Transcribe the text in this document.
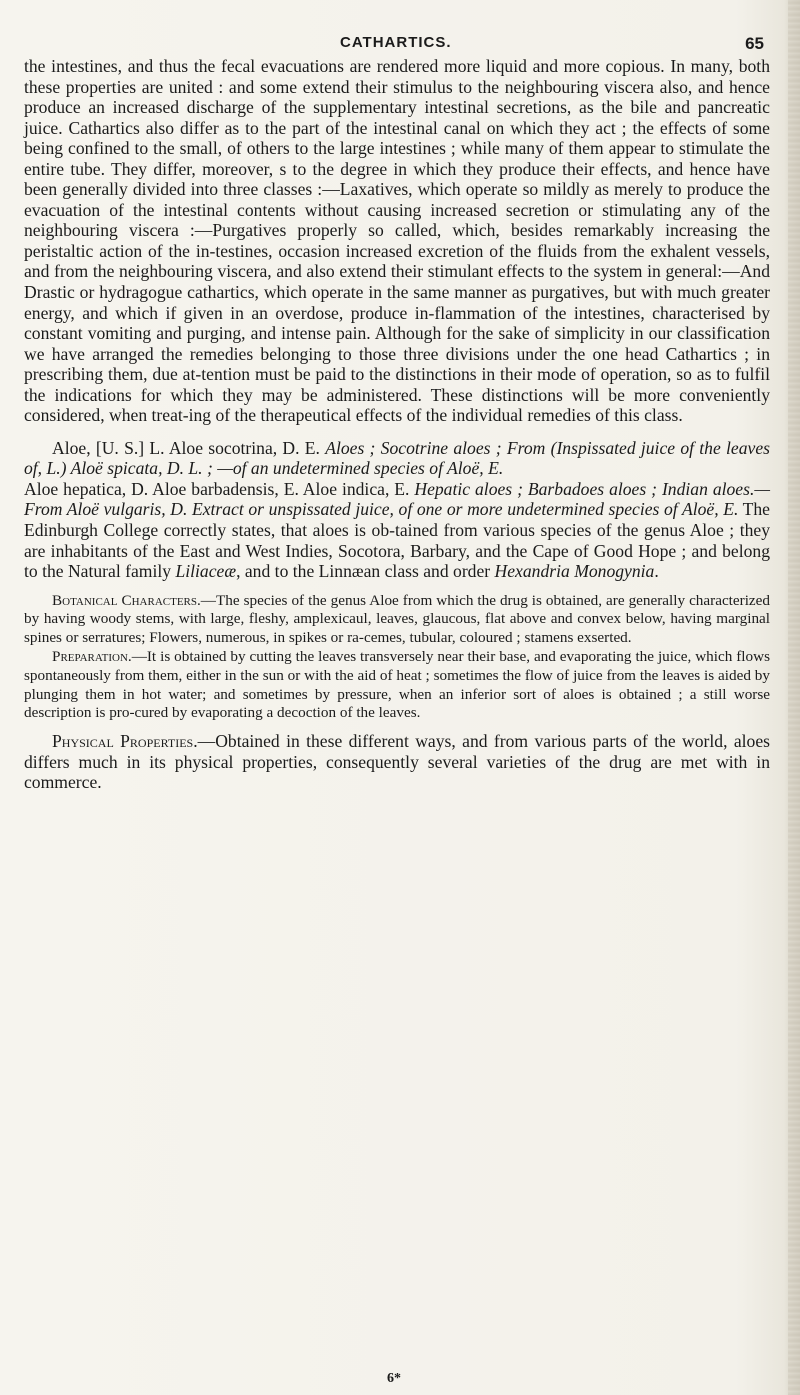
CATHARTICS.	65

the intestines, and thus the fecal evacuations are rendered more liquid and more copious. In many, both these properties are united : and some extend their stimulus to the neighbouring viscera also, and hence produce an increased discharge of the supplementary intestinal secretions, as the bile and pancreatic juice. Cathartics also differ as to the part of the intestinal canal on which they act ; the effects of some being confined to the small, of others to the large intestines ; while many of them appear to stimulate the entire tube. They differ, moreover, s to the degree in which they produce their effects, and hence have been generally divided into three classes :—Laxatives, which operate so mildly as merely to produce the evacuation of the intestinal contents without causing increased secretion or stimulating any of the neighbouring viscera :—Purgatives properly so called, which, besides remarkably increasing the peristaltic action of the in-testines, occasion increased excretion of the fluids from the exhalent vessels, and from the neighbouring viscera, and also extend their stimulant effects to the system in general:—And Drastic or hydragogue cathartics, which operate in the same manner as purgatives, but with much greater energy, and which if given in an overdose, produce in-flammation of the intestines, characterised by constant vomiting and purging, and intense pain. Although for the sake of simplicity in our classification we have arranged the remedies belonging to those three divisions under the one head Cathartics ; in prescribing them, due at-tention must be paid to the distinctions in their mode of operation, so as to fulfil the indications for which they may be administered. These distinctions will be more conveniently considered, when treat-ing of the therapeutical effects of the individual remedies of this class.

Aloe, [U. S.] L. Aloe socotrina, D. E. Aloes ; Socotrine aloes ; From (Inspissated juice of the leaves of, L.) Aloë spicata, D. L. ; —of an undetermined species of Aloë, E.
Aloe hepatica, D. Aloe barbadensis, E. Aloe indica, E. Hepatic aloes ; Barbadoes aloes ; Indian aloes.—From Aloë vulgaris, D. Extract or unspissated juice, of one or more undetermined species of Aloë, E. The Edinburgh College correctly states, that aloes is ob-tained from various species of the genus Aloe ; they are inhabitants of the East and West Indies, Socotora, Barbary, and the Cape of Good Hope ; and belong to the Natural family Liliaceæ, and to the Linnæan class and order Hexandria Monogynia.

Botanical Characters.—The species of the genus Aloe from which the drug is obtained, are generally characterized by having woody stems, with large, fleshy, amplexicaul, leaves, glaucous, flat above and convex below, having marginal spines or serratures; Flowers, numerous, in spikes or ra-cemes, tubular, coloured ; stamens exserted.

Preparation.—It is obtained by cutting the leaves transversely near their base, and evaporating the juice, which flows spontaneously from them, either in the sun or with the aid of heat ; sometimes the flow of juice from the leaves is aided by plunging them in hot water; and sometimes by pressure, when an inferior sort of aloes is obtained ; a still worse description is pro-cured by evaporating a decoction of the leaves.

Physical Properties.—Obtained in these different ways, and from various parts of the world, aloes differs much in its physical properties, consequently several varieties of the drug are met with in commerce.

6*
